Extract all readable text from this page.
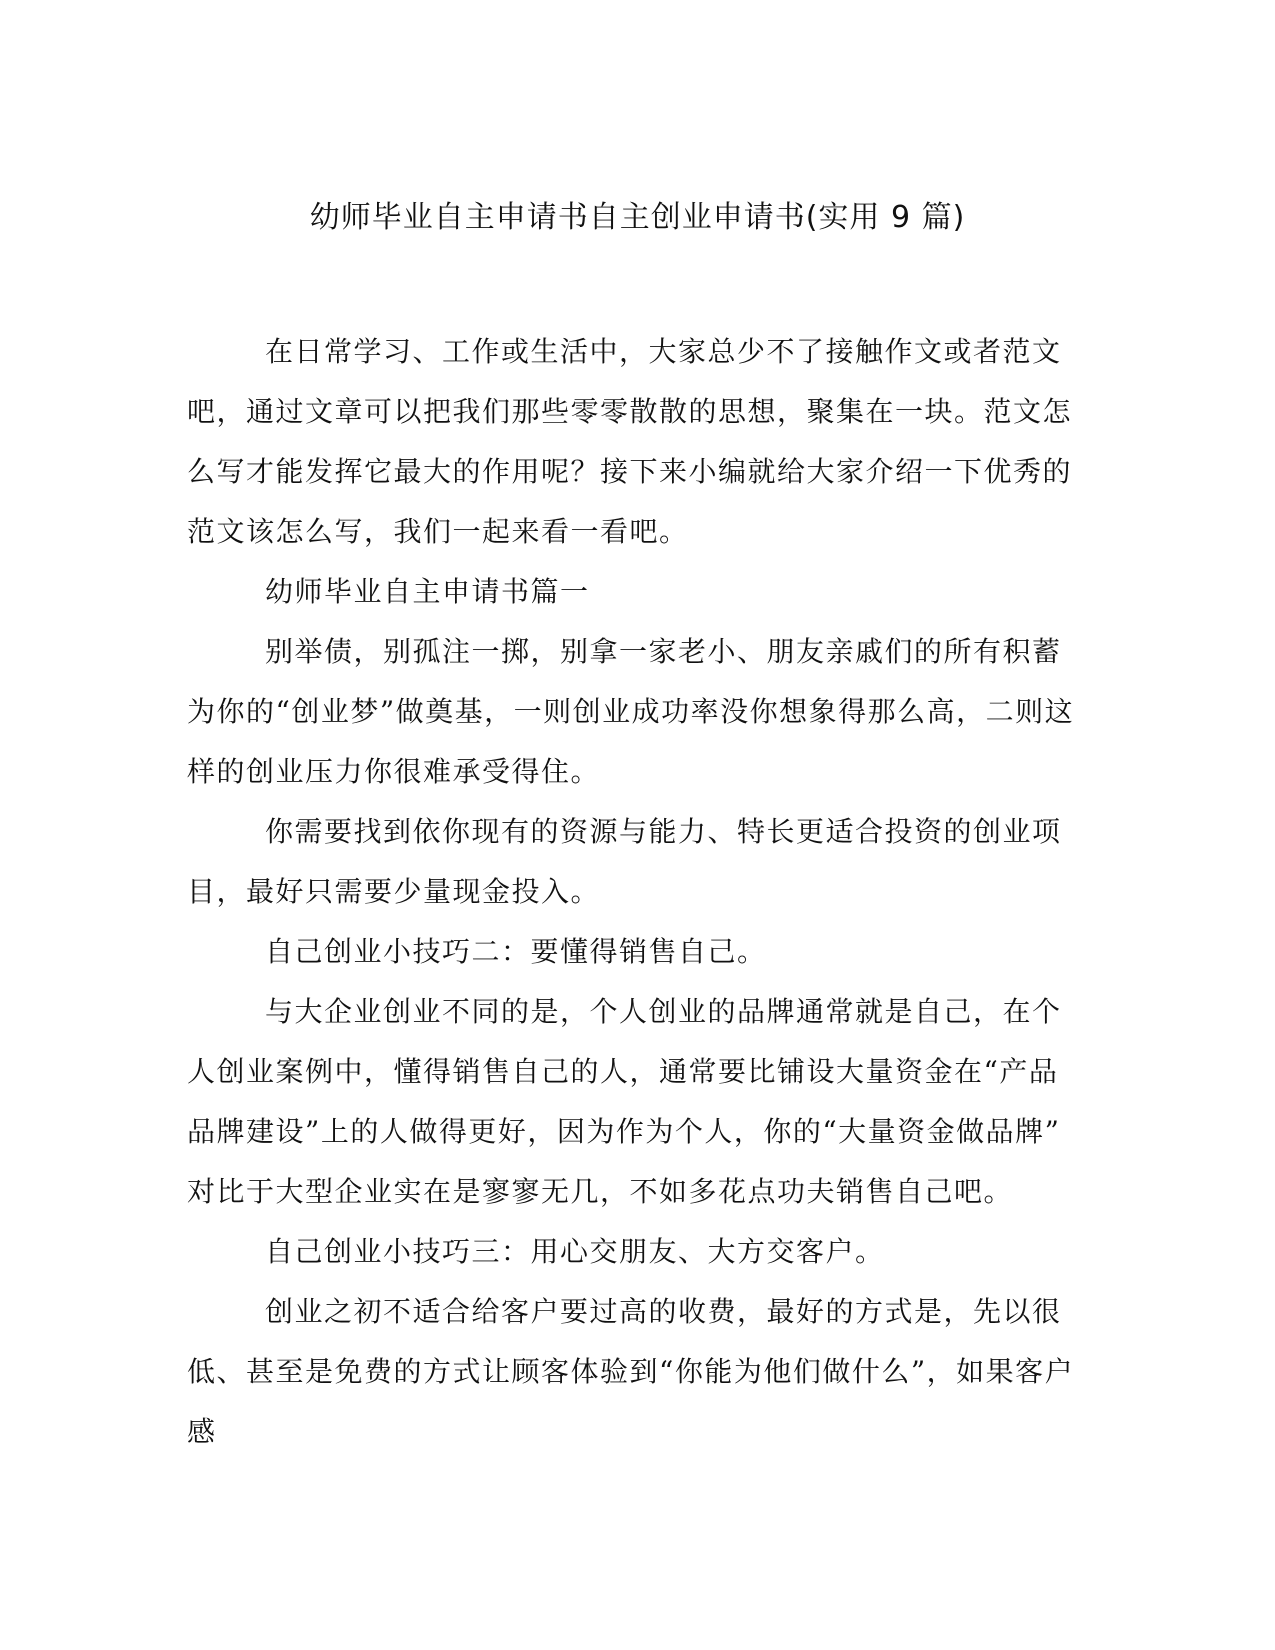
幼师毕业自主申请书自主创业申请书(实用 9 篇)

在日常学习、工作或生活中，大家总少不了接触作文或者范文吧，通过文章可以把我们那些零零散散的思想，聚集在一块。范文怎么写才能发挥它最大的作用呢？接下来小编就给大家介绍一下优秀的范文该怎么写，我们一起来看一看吧。

幼师毕业自主申请书篇一

别举债，别孤注一掷，别拿一家老小、朋友亲戚们的所有积蓄为你的“创业梦”做奠基，一则创业成功率没你想象得那么高，二则这样的创业压力你很难承受得住。

你需要找到依你现有的资源与能力、特长更适合投资的创业项目，最好只需要少量现金投入。

自己创业小技巧二：要懂得销售自己。

与大企业创业不同的是，个人创业的品牌通常就是自己，在个人创业案例中，懂得销售自己的人，通常要比铺设大量资金在“产品品牌建设”上的人做得更好，因为作为个人，你的“大量资金做品牌”对比于大型企业实在是寥寥无几，不如多花点功夫销售自己吧。

自己创业小技巧三：用心交朋友、大方交客户。

创业之初不适合给客户要过高的收费，最好的方式是，先以很低、甚至是免费的方式让顾客体验到“你能为他们做什么”，如果客户感
